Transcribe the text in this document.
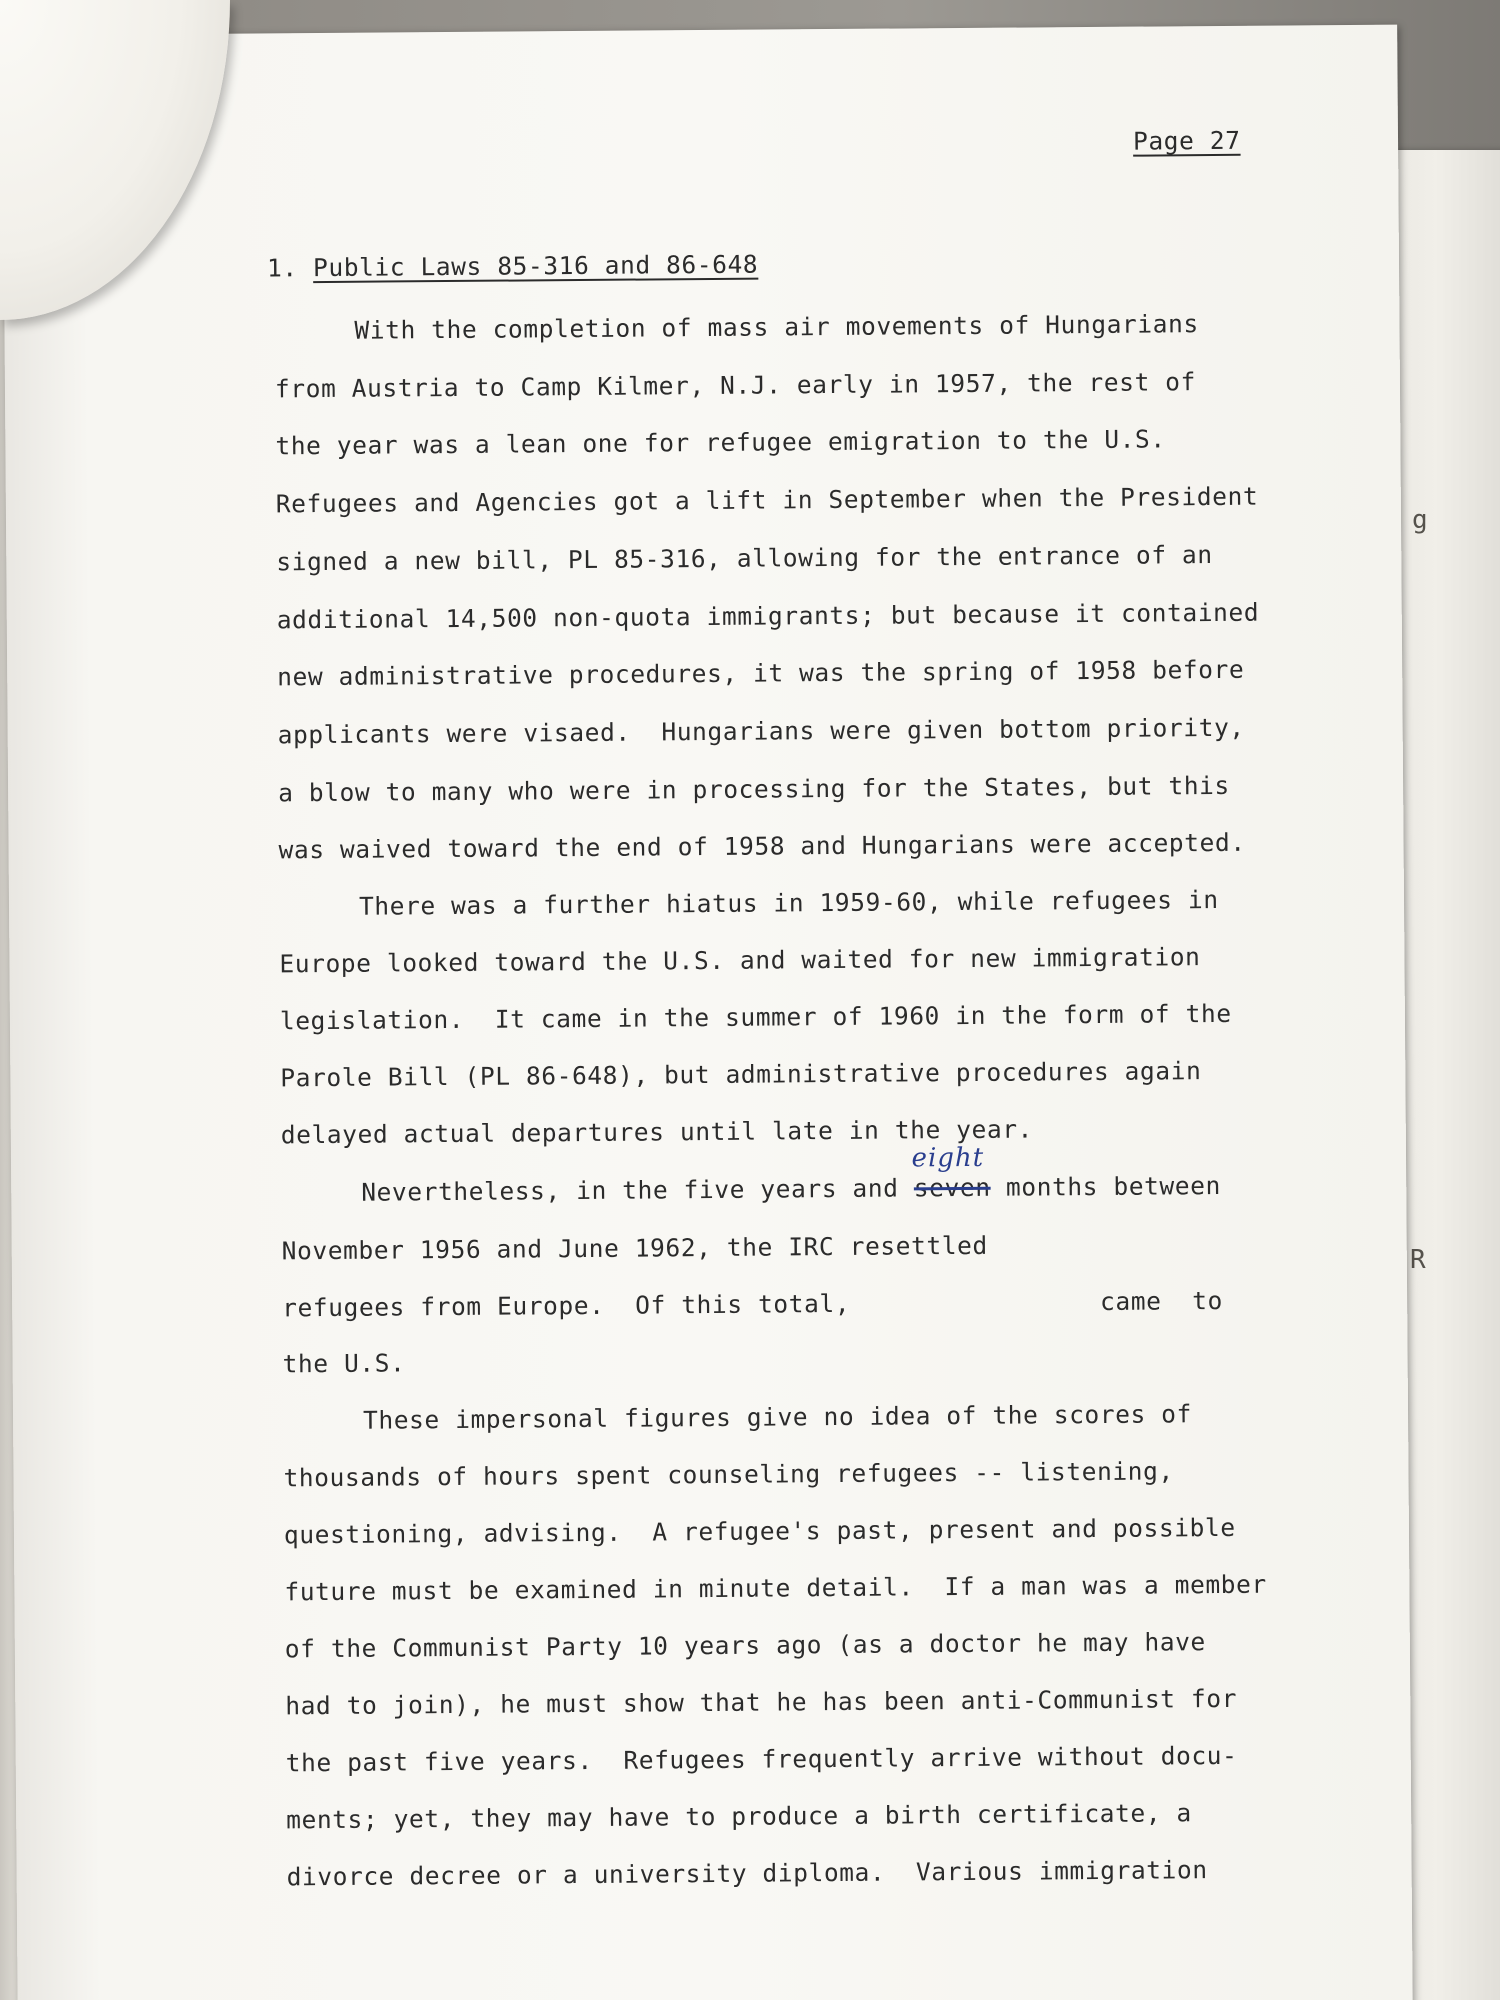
g
R
Page 27
1. Public Laws 85-316 and 86-648
With the completion of mass air movements of Hungarians
from Austria to Camp Kilmer, N.J. early in 1957, the rest of
the year was a lean one for refugee emigration to the U.S.
Refugees and Agencies got a lift in September when the President
signed a new bill, PL 85-316, allowing for the entrance of an
additional 14,500 non-quota immigrants; but because it contained
new administrative procedures, it was the spring of 1958 before
applicants were visaed.  Hungarians were given bottom priority,
a blow to many who were in processing for the States, but this
was waived toward the end of 1958 and Hungarians were accepted.
There was a further hiatus in 1959-60, while refugees in
Europe looked toward the U.S. and waited for new immigration
legislation.  It came in the summer of 1960 in the form of the
Parole Bill (PL 86-648), but administrative procedures again
delayed actual departures until late in the year.
Nevertheless, in the five years and seven
eight
months between
November 1956 and June 1962, the IRC resettled
refugees from Europe.  Of this total,	came  to
the U.S.
These impersonal figures give no idea of the scores of
thousands of hours spent counseling refugees -- listening,
questioning, advising.  A refugee's past, present and possible
future must be examined in minute detail.  If a man was a member
of the Communist Party 10 years ago (as a doctor he may have
had to join), he must show that he has been anti-Communist for
the past five years.  Refugees frequently arrive without docu-
ments; yet, they may have to produce a birth certificate, a
divorce decree or a university diploma.  Various immigration
